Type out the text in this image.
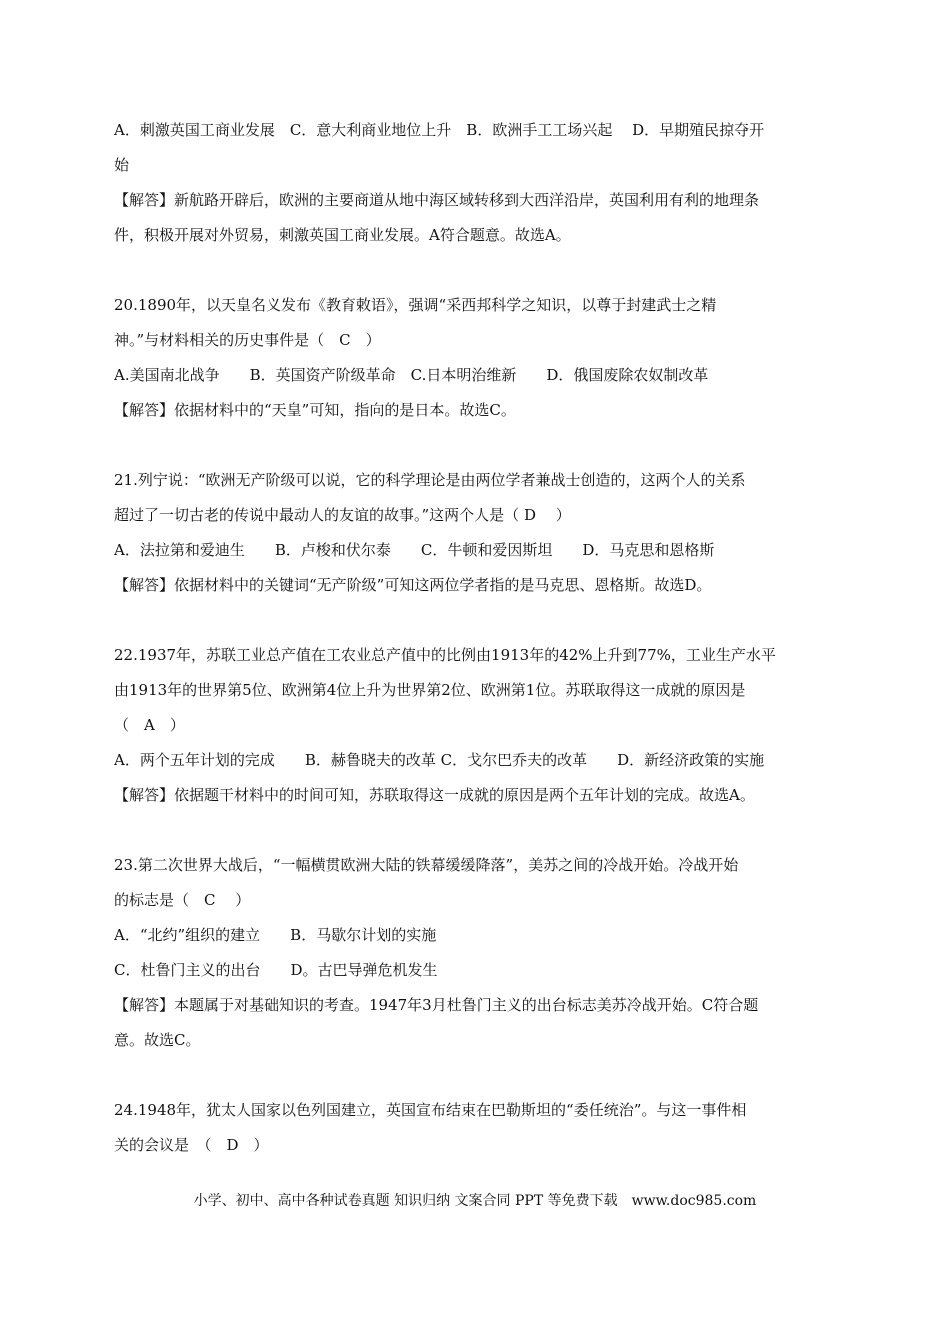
A．刺激英国工商业发展　C．意大利商业地位上升　B．欧洲手工工场兴起　 D．早期殖民掠夺开
始
【解答】新航路开辟后，欧洲的主要商道从地中海区域转移到大西洋沿岸，英国利用有利的地理条
件，积极开展对外贸易，刺激英国工商业发展。A符合题意。故选A。
20.1890年，以天皇名义发布《教育敕语》，强调“采西邦科学之知识，以尊于封建武士之精
神。”与材料相关的历史事件是（　C　）
A.美国南北战争　　B．英国资产阶级革命　C.日本明治维新　　D．俄国废除农奴制改革
【解答】依据材料中的“天皇”可知，指向的是日本。故选C。
21.列宁说：“欧洲无产阶级可以说，它的科学理论是由两位学者兼战士创造的，这两个人的关系
超过了一切古老的传说中最动人的友谊的故事。”这两个人是（ D　 ）
A．法拉第和爱迪生　　B．卢梭和伏尔泰　　C．牛顿和爱因斯坦　　D．马克思和恩格斯
【解答】依据材料中的关键词“无产阶级”可知这两位学者指的是马克思、恩格斯。故选D。
22.1937年，苏联工业总产值在工农业总产值中的比例由1913年的42%上升到77%，工业生产水平
由1913年的世界第5位、欧洲第4位上升为世界第2位、欧洲第1位。苏联取得这一成就的原因是
（　A　）
A．两个五年计划的完成　　B．赫鲁晓夫的改革 C．戈尔巴乔夫的改革　　D．新经济政策的实施
【解答】依据题干材料中的时间可知，苏联取得这一成就的原因是两个五年计划的完成。故选A。
23.第二次世界大战后，“一幅横贯欧洲大陆的铁幕缓缓降落”，美苏之间的冷战开始。冷战开始
的标志是（　C　 ）
A．“北约”组织的建立　　B．马歇尔计划的实施
C．杜鲁门主义的出台　　D。古巴导弹危机发生
【解答】本题属于对基础知识的考查。1947年3月杜鲁门主义的出台标志美苏冷战开始。C符合题
意。故选C。
24.1948年，犹太人国家以色列国建立，英国宣布结束在巴勒斯坦的“委任统治”。与这一事件相
关的会议是　（　D　）
小学、初中、高中各种试卷真题 知识归纳 文案合同 PPT 等免费下载　www.doc985.com
